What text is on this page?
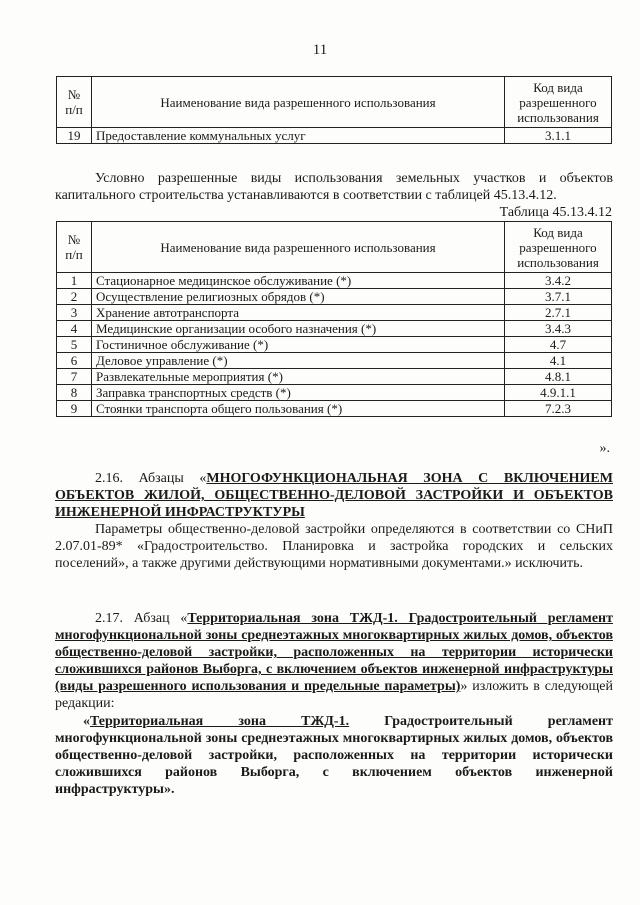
11
№ п/п	Наименование вида разрешенного использования	Код вида разрешенного использования
19	Предоставление коммунальных услуг	3.1.1
Условно разрешенные виды использования земельных участков и объектов капитального строительства устанавливаются в соответствии с таблицей 45.13.4.12.
Таблица 45.13.4.12
№ п/п	Наименование вида разрешенного использования	Код вида разрешенного использования
1	Стационарное медицинское обслуживание (*)	3.4.2
2	Осуществление религиозных обрядов (*)	3.7.1
3	Хранение автотранспорта	2.7.1
4	Медицинские организации особого назначения (*)	3.4.3
5	Гостиничное обслуживание (*)	4.7
6	Деловое управление (*)	4.1
7	Развлекательные мероприятия (*)	4.8.1
8	Заправка транспортных средств (*)	4.9.1.1
9	Стоянки транспорта общего пользования (*)	7.2.3
».
2.16. Абзацы «МНОГОФУНКЦИОНАЛЬНАЯ ЗОНА С ВКЛЮЧЕНИЕМ ОБЪЕКТОВ ЖИЛОЙ, ОБЩЕСТВЕННО-ДЕЛОВОЙ ЗАСТРОЙКИ И ОБЪЕКТОВ ИНЖЕНЕРНОЙ ИНФРАСТРУКТУРЫ
Параметры общественно-деловой застройки определяются в соответствии со СНиП 2.07.01-89* «Градостроительство. Планировка и застройка городских и сельских поселений», а также другими действующими нормативными документами.» исключить.
2.17. Абзац «Территориальная зона ТЖД-1. Градостроительный регламент многофункциональной зоны среднеэтажных многоквартирных жилых домов, объектов общественно-деловой застройки, расположенных на территории исторически сложившихся районов Выборга, с включением объектов инженерной инфраструктуры (виды разрешенного использования и предельные параметры)» изложить в следующей редакции:
«Территориальная зона ТЖД-1. Градостроительный регламент многофункциональной зоны среднеэтажных многоквартирных жилых домов, объектов общественно-деловой застройки, расположенных на территории исторически сложившихся районов Выборга, с включением объектов инженерной инфраструктуры».
